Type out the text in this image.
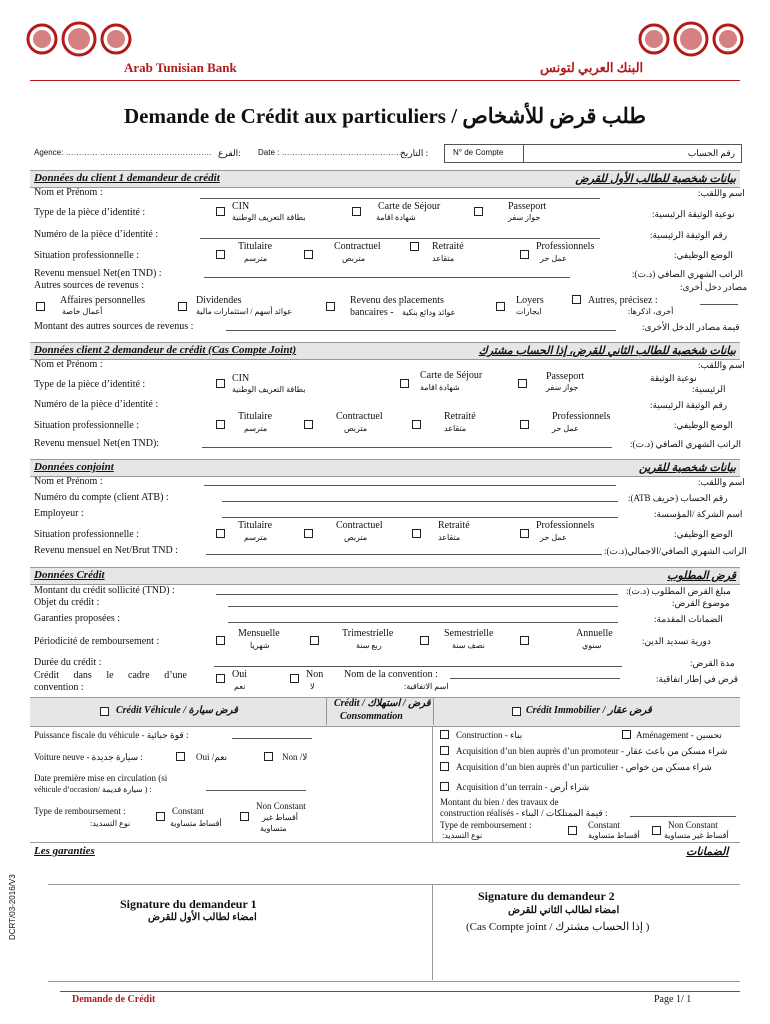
Arab Tunisian Bank	البنك العربي لتونس
Demande de Crédit aux particuliers / طلب قرض للأشخاص
Agence: ………… …………………………………… :الفرع Date : ………………………………………
: التاريخ	N° de Compte	رقم الحساب
Données du client 1 demandeur de crédit	بيانات شخصية للطالب الأول للقرض
Nom et Prénom :	اسم واللقب:
Type de la pièce d’identité :
CIN
بطاقة التعريف الوطنية
Carte de Séjour
شهادة اقامة
Passeport
جواز سفر	نوعية الوثيقة الرئيسية:
Numéro de la pièce d’identité :	رقم الوثيقة الرئيسية:
Situation professionnelle :
Titulaire
مترسم
Contractuel
متربص
Retraité
متقاعد
Professionnels
عمل حر	الوضع الوظيفي:
Revenu mensuel Net(en TND) :	الراتب الشهري الصافي (د.ت):
Autres sources de revenus :	مصادر دخل أخرى:
Affaires personnelles
أعمال خاصة
Dividendes
عوائد أسهم / استثمارات مالية
Revenu des placements
bancaires - عوائد ودائع بنكية
Loyers
ايجارات
Autres, précisez :
أخرى، اذكرها:
Montant des autres sources de revenus :	قيمة مصادر الدخل الأخرى:
Données client 2 demandeur de crédit (Cas Compte Joint)	بيانات شخصية للطالب الثاني للقرض، إذا الحساب مشترك
Nom et Prénom :	اسم واللقب:
Type de la pièce d’identité :
CIN
بطاقة التعريف الوطنية
Carte de Séjour
شهادة اقامة
Passeport
جواز سفر
نوعية الوثيقة
الرئيسية:
Numéro de la pièce d’identité :	رقم الوثيقة الرئيسية:
Situation professionnelle :
Titulaire
مترسم
Contractuel
متربص
Retraité
متقاعد
Professionnels
عمل حر	الوضع الوظيفي:
Revenu mensuel Net(en TND):	الراتب الشهري الصافي (د.ت):
Données conjoint	بيانات شخصية للقرين
Nom et Prénom :	اسم واللقب:
Numéro du compte (client ATB) :	رقم الحساب (حريف ATB):
Employeur :	اسم الشركة /المؤسسة:
Situation professionnelle :
Titulaire
مترسم
Contractuel
متربص
Retraité
متقاعد
Professionnels
عمل حر	الوضع الوظيفي:
Revenu mensuel en Net/Brut TND :	الراتب الشهري الصافي/الاجمالي(د.ت):
Données Crédit	قرض المطلوب
Montant du crédit sollicité (TND) :	مبلغ القرض المطلوب (د.ت):
Objet du crédit :	موضوع القرض:
Garanties proposées :	الضمانات المقدمة:
Périodicité de remboursement :
Mensuelle
شهريا
Trimestrielle
ربع سنة
Semestrielle
نصف سنة
Annuelle
سنوي	دورية تسديد الدين:
Durée du crédit :	مدة القرض:
Crédit dans le cadre d’une
convention :
Oui
نعم
Non
لا
Nom de la convention :
اسم الاتفاقية:
قرض في إطار اتفاقية:
Crédit Véhicule / قرض سيارة
Crédit / قرض / استهلاك
Consommation
Crédit Immobilier / قرض عقار
Puissance fiscale du véhicule - قوة جبائية :
Voiture neuve - سيارة جديدة :	Oui /نعم	Non /لا
Date première mise en circulation (si
véhicule d’occasion/ سيارة قديمة ) :
Type de remboursement :
نوع التسديد:
Constant
أقساط متساوية
Non Constant
أقساط غير
متساوية
Construction - بناء	Aménagement - تحسين
Acquisition d’un bien auprès d’un promoteur - شراء مسكن من باعث عقار
Acquisition d’un bien auprès d’un particulier - شراء مسكن من خواص
Acquisition d’un terrain - شراء أرض
Montant du bien / des travaux de
construction réalisés - قيمة الممتلكات / البناء :
Type de remboursement :
نوع التسديد:
Constant
أقساط متساوية
Non Constant
أقساط غير متساوية
Les garanties	الضمانات
Signature du demandeur 1
امضاء لطالب الأول للقرض
Signature du demandeur 2
امضاء لطالب الثاني للقرض
(Cas Compte joint / إذا الحساب مشترك )
DCRT/03-2016/V3
Demande de Crédit	Page 1/ 1
